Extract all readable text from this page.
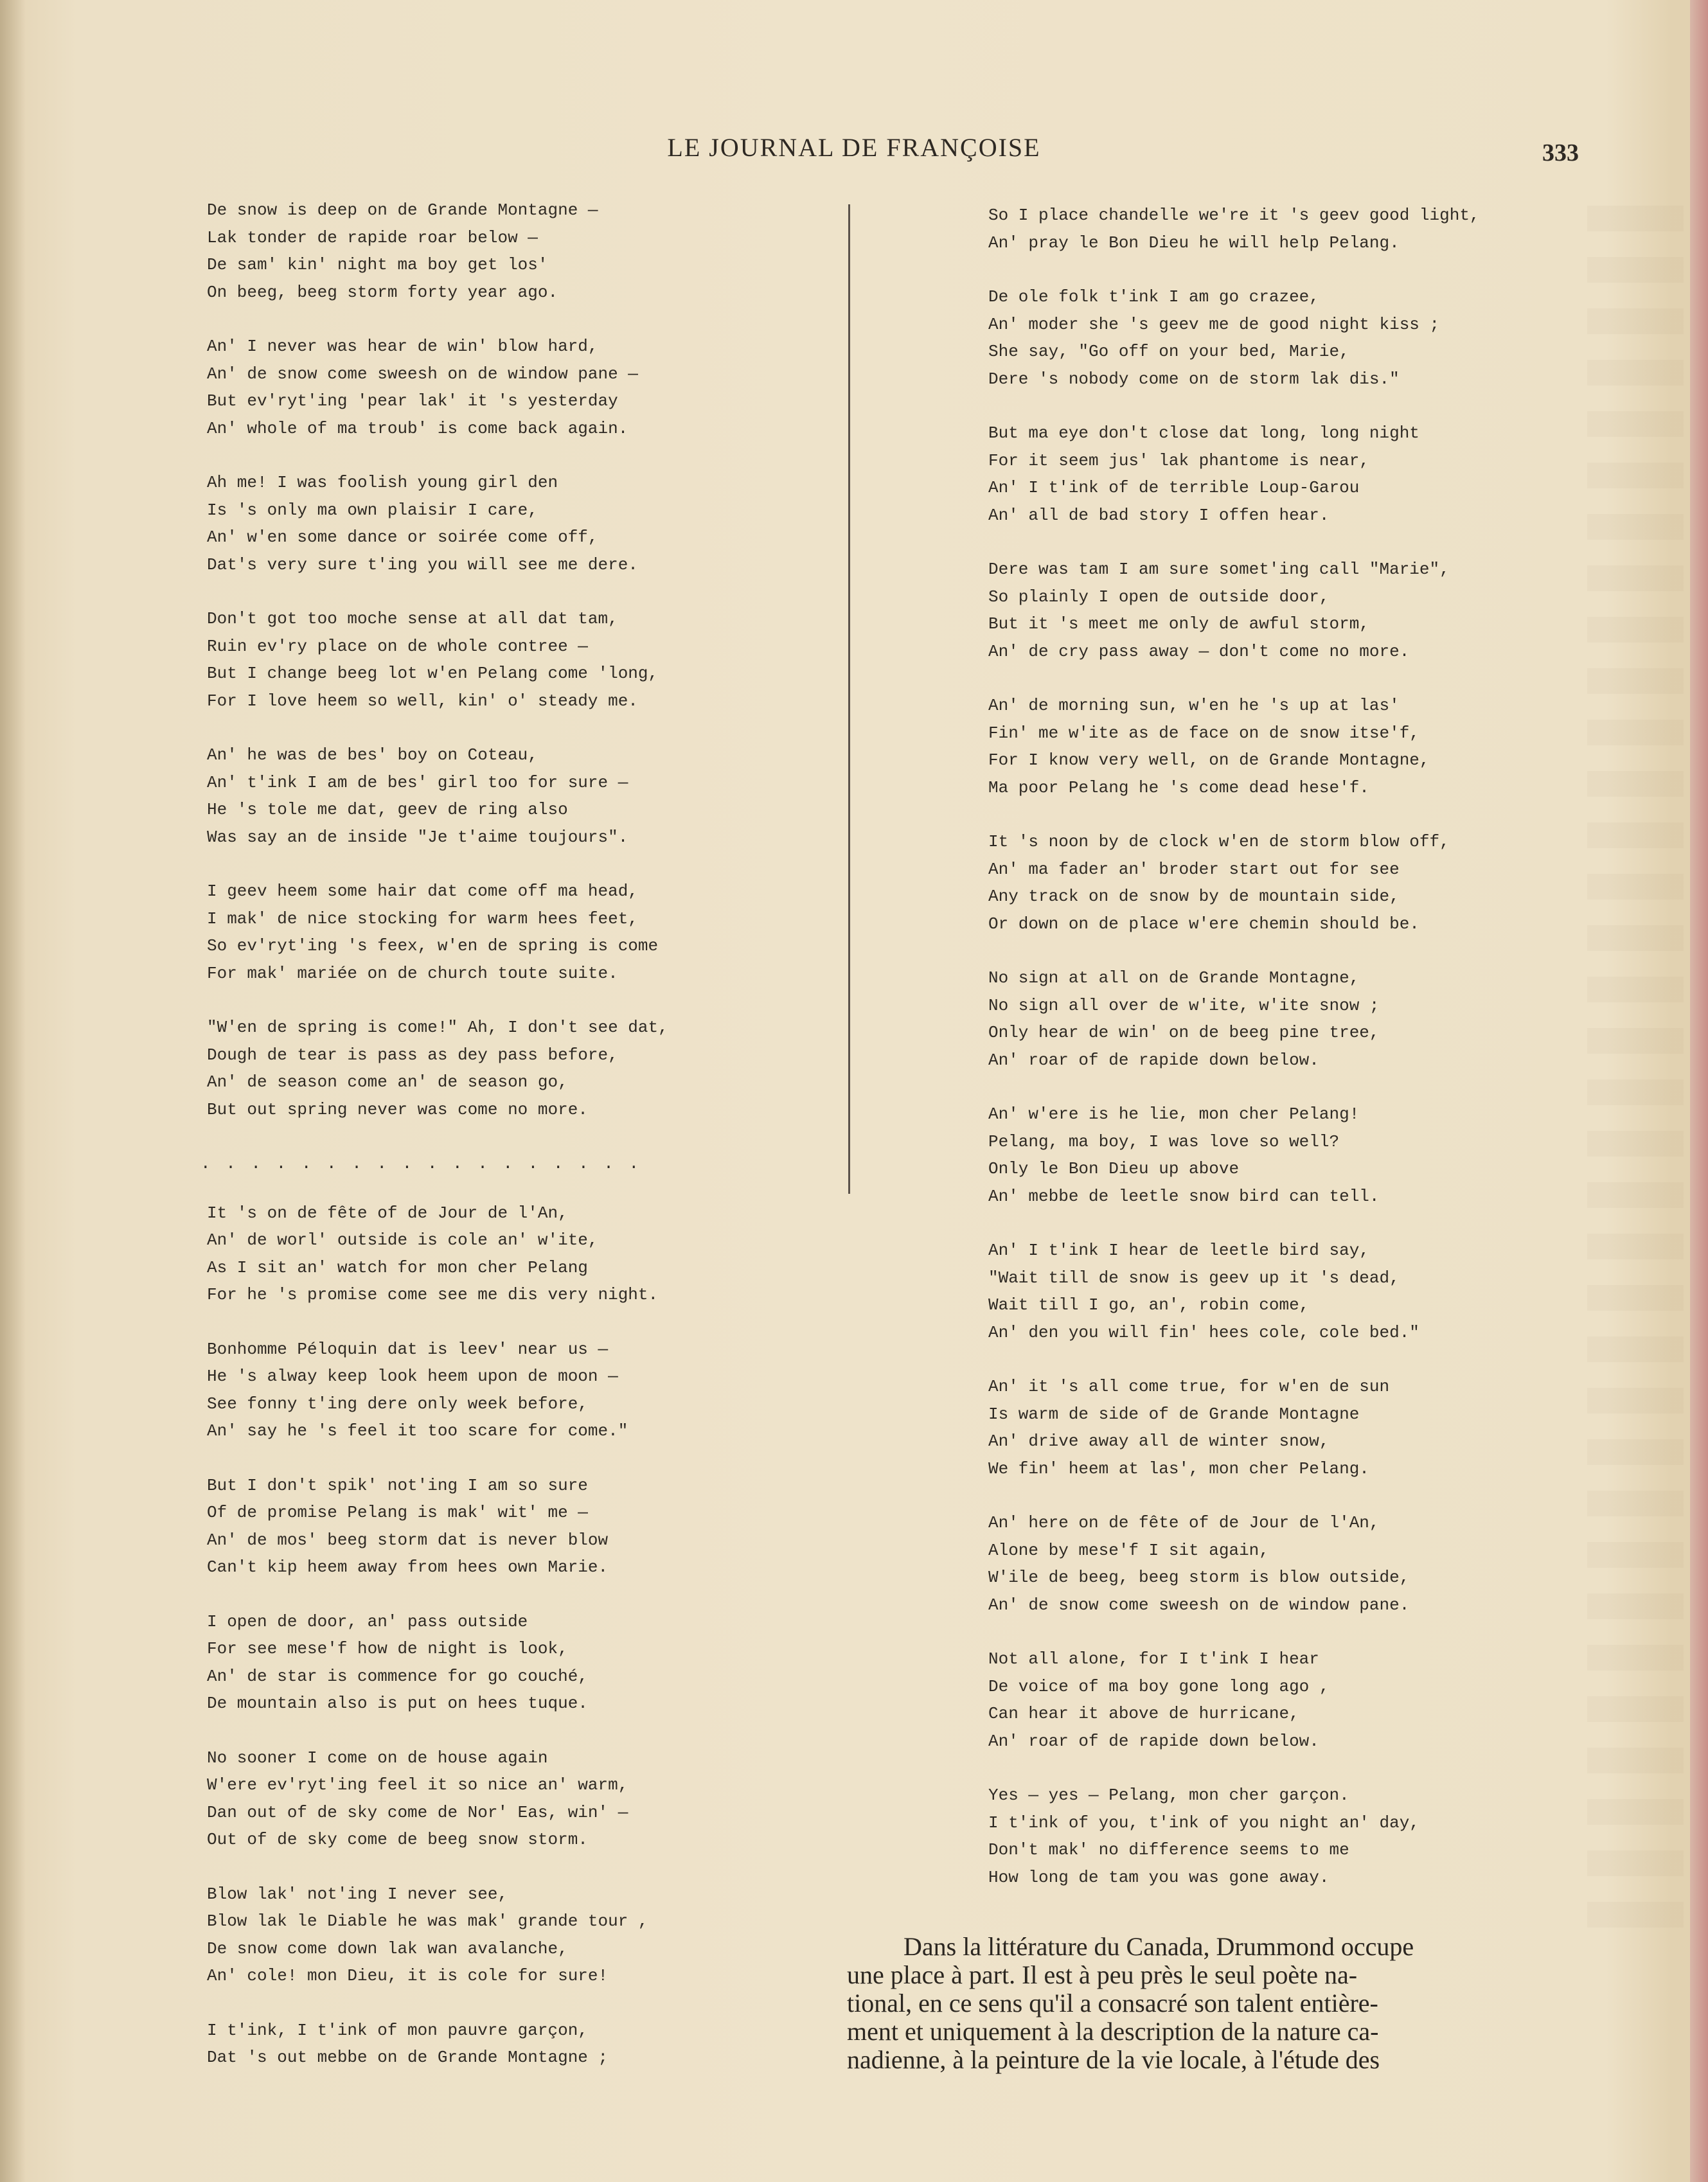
LE JOURNAL DE FRANÇOISE	333
De snow is deep on de Grande Montagne —
Lak tonder de rapide roar below —
De sam' kin' night ma boy get los'
On beeg, beeg storm forty year ago.
An' I never was hear de win' blow hard,
An' de snow come sweesh on de window pane —
But ev'ryt'ing 'pear lak' it 's yesterday
An' whole of ma troub' is come back again.
Ah me! I was foolish young girl den
Is 's only ma own plaisir I care,
An' w'en some dance or soirée come off,
Dat's very sure t'ing you will see me dere.
Don't got too moche sense at all dat tam,
Ruin ev'ry place on de whole contree —
But I change beeg lot w'en Pelang come 'long,
For I love heem so well, kin' o' steady me.
An' he was de bes' boy on Coteau,
An' t'ink I am de bes' girl too for sure —
He 's tole me dat, geev de ring also
Was say an de inside "Je t'aime toujours".
I geev heem some hair dat come off ma head,
I mak' de nice stocking for warm hees feet,
So ev'ryt'ing 's feex, w'en de spring is come
For mak' mariée on de church toute suite.
"W'en de spring is come!" Ah, I don't see dat,
Dough de tear is pass as dey pass before,
An' de season come an' de season go,
But out spring never was come no more.
. . . . . . . . . . . . . . . . . .
It 's on de fête of de Jour de l'An,
An' de worl' outside is cole an' w'ite,
As I sit an' watch for mon cher Pelang
For he 's promise come see me dis very night.
Bonhomme Péloquin dat is leev' near us —
He 's alway keep look heem upon de moon —
See fonny t'ing dere only week before,
An' say he 's feel it too scare for come."
But I don't spik' not'ing I am so sure
Of de promise Pelang is mak' wit' me —
An' de mos' beeg storm dat is never blow
Can't kip heem away from hees own Marie.
I open de door, an' pass outside
For see mese'f how de night is look,
An' de star is commence for go couché,
De mountain also is put on hees tuque.
No sooner I come on de house again
W'ere ev'ryt'ing feel it so nice an' warm,
Dan out of de sky come de Nor' Eas, win' —
Out of de sky come de beeg snow storm.
Blow lak' not'ing I never see,
Blow lak le Diable he was mak' grande tour ,
De snow come down lak wan avalanche,
An' cole! mon Dieu, it is cole for sure!
I t'ink, I t'ink of mon pauvre garçon,
Dat 's out mebbe on de Grande Montagne ;
So I place chandelle we're it 's geev good light,
An' pray le Bon Dieu he will help Pelang.
De ole folk t'ink I am go crazee,
An' moder she 's geev me de good night kiss ;
She say, "Go off on your bed, Marie,
Dere 's nobody come on de storm lak dis."
But ma eye don't close dat long, long night
For it seem jus' lak phantome is near,
An' I t'ink of de terrible Loup-Garou
An' all de bad story I offen hear.
Dere was tam I am sure somet'ing call "Marie",
So plainly I open de outside door,
But it 's meet me only de awful storm,
An' de cry pass away — don't come no more.
An' de morning sun, w'en he 's up at las'
Fin' me w'ite as de face on de snow itse'f,
For I know very well, on de Grande Montagne,
Ma poor Pelang he 's come dead hese'f.
It 's noon by de clock w'en de storm blow off,
An' ma fader an' broder start out for see
Any track on de snow by de mountain side,
Or down on de place w'ere chemin should be.
No sign at all on de Grande Montagne,
No sign all over de w'ite, w'ite snow ;
Only hear de win' on de beeg pine tree,
An' roar of de rapide down below.
An' w'ere is he lie, mon cher Pelang!
Pelang, ma boy, I was love so well?
Only le Bon Dieu up above
An' mebbe de leetle snow bird can tell.
An' I t'ink I hear de leetle bird say,
"Wait till de snow is geev up it 's dead,
Wait till I go, an', robin come,
An' den you will fin' hees cole, cole bed."
An' it 's all come true, for w'en de sun
Is warm de side of de Grande Montagne
An' drive away all de winter snow,
We fin' heem at las', mon cher Pelang.
An' here on de fête of de Jour de l'An,
Alone by mese'f I sit again,
W'ile de beeg, beeg storm is blow outside,
An' de snow come sweesh on de window pane.
Not all alone, for I t'ink I hear
De voice of ma boy gone long ago ,
Can hear it above de hurricane,
An' roar of de rapide down below.
Yes — yes — Pelang, mon cher garçon.
I t'ink of you, t'ink of you night an' day,
Don't mak' no difference seems to me
How long de tam you was gone away.
Dans la littérature du Canada, Drummond occupe
une place à part. Il est à peu près le seul poète na-
tional, en ce sens qu'il a consacré son talent entière-
ment et uniquement à la description de la nature ca-
nadienne, à la peinture de la vie locale, à l'étude des
